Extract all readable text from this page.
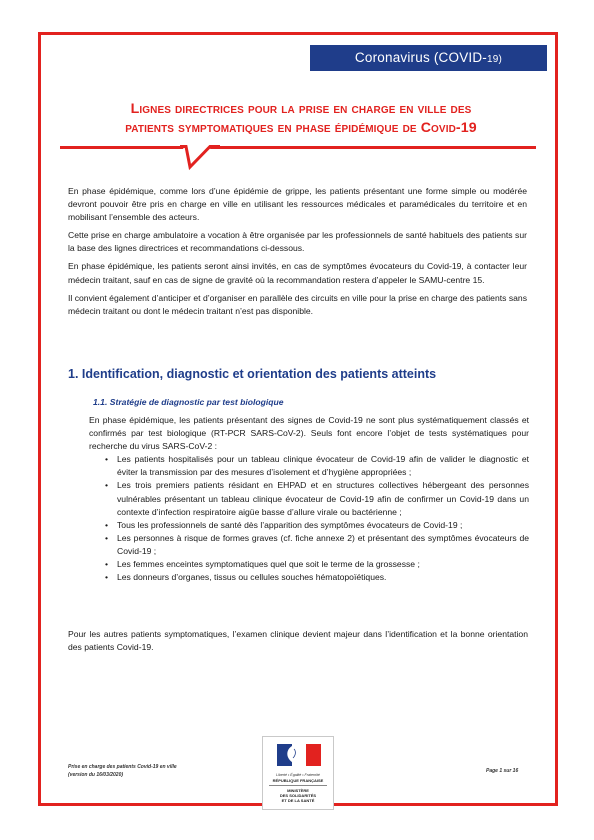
Coronavirus (COVID-19)
Lignes directrices pour la prise en charge en ville des
patients symptomatiques en phase épidémique de Covid-19

En phase épidémique, comme lors d’une épidémie de grippe, les patients présentant une forme simple ou modérée devront pouvoir être pris en charge en ville en utilisant les ressources médicales et paramédicales du territoire et en mobilisant l’ensemble des acteurs.

Cette prise en charge ambulatoire a vocation à être organisée par les professionnels de santé habituels des patients sur la base des lignes directrices et recommandations ci-dessous.

En phase épidémique, les patients seront ainsi invités, en cas de symptômes évocateurs du Covid-19, à contacter leur médecin traitant, sauf en cas de signe de gravité où la recommandation restera d’appeler le SAMU-centre 15.

Il convient également d’anticiper et d’organiser en parallèle des circuits en ville pour la prise en charge des patients sans médecin traitant ou dont le médecin traitant n’est pas disponible.

1. Identification, diagnostic et orientation des patients atteints
1.1. Stratégie de diagnostic par test biologique

En phase épidémique, les patients présentant des signes de Covid-19 ne sont plus systématiquement classés et confirmés par test biologique (RT-PCR SARS-CoV-2). Seuls font encore l’objet de tests systématiques pour recherche du virus SARS-CoV-2 :

• Les patients hospitalisés pour un tableau clinique évocateur de Covid-19 afin de valider le diagnostic et éviter la transmission par des mesures d’isolement et d’hygiène appropriées ;
• Les trois premiers patients résidant en EHPAD et en structures collectives hébergeant des personnes vulnérables présentant un tableau clinique évocateur de Covid-19 afin de confirmer un Covid-19 dans un contexte d’infection respiratoire aigüe basse d’allure virale ou bactérienne ;
• Tous les professionnels de santé dès l’apparition des symptômes évocateurs de Covid-19 ;
• Les personnes à risque de formes graves (cf. fiche annexe 2) et présentant des symptômes évocateurs de Covid-19 ;
• Les femmes enceintes symptomatiques quel que soit le terme de la grossesse ;
• Les donneurs d’organes, tissus ou cellules souches hématopoïétiques.
Pour les autres patients symptomatiques, l’examen clinique devient majeur dans l’identification et la bonne orientation des patients Covid-19.
Prise en charge des patients Covid-19 en ville
(version du 16/03/2020)	Liberté • Égalité • Fraternité
RÉPUBLIQUE FRANÇAISE
MINISTÈRE
DES SOLIDARITÉS
ET DE LA SANTÉ
Page 1 sur 16
